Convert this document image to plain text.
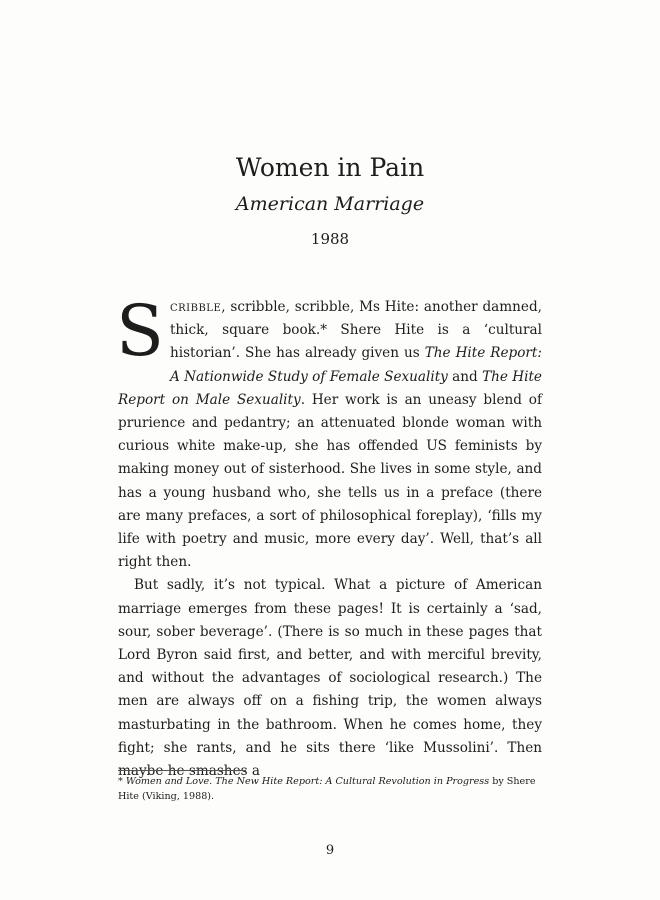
Women in Pain
American Marriage
1988

Scribble, scribble, scribble, Ms Hite: another damned, thick, square book.* Shere Hite is a ‘cultural historian’. She has already given us The Hite Report: A Nationwide Study of Female Sexuality and The Hite Report on Male Sexuality. Her work is an uneasy blend of prurience and pedantry; an attenuated blonde woman with curious white make-up, she has offended US feminists by making money out of sisterhood. She lives in some style, and has a young husband who, she tells us in a preface (there are many prefaces, a sort of philosophical foreplay), ‘fills my life with poetry and music, more every day’. Well, that’s all right then.

But sadly, it’s not typical. What a picture of American marriage emerges from these pages! It is certainly a ‘sad, sour, sober beverage’. (There is so much in these pages that Lord Byron said first, and better, and with merciful brevity, and without the advantages of sociological research.) The men are always off on a fishing trip, the women always masturbating in the bathroom. When he comes home, they fight; she rants, and he sits there ‘like Mussolini’. Then maybe he smashes a

* Women and Love. The New Hite Report: A Cultural Revolution in Progress by Shere Hite (Viking, 1988).
9
